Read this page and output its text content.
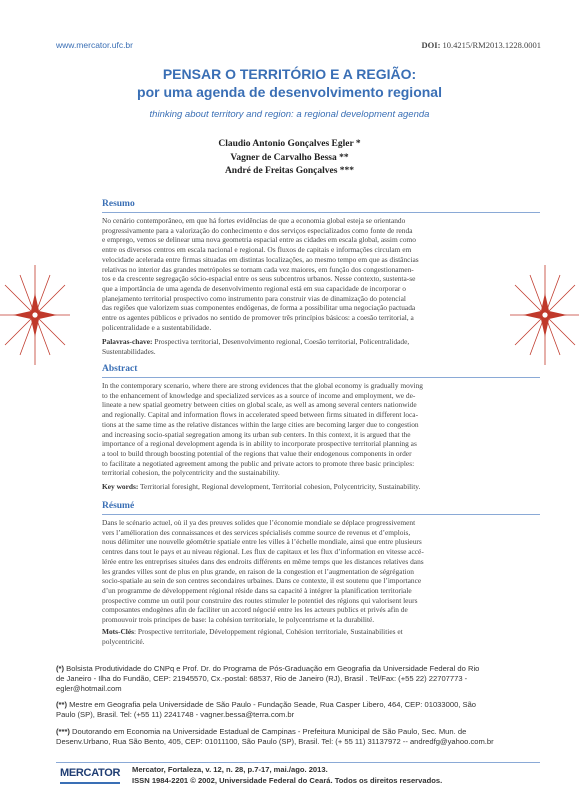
www.mercator.ufc.br	DOI: 10.4215/RM2013.1228.0001
PENSAR O TERRITÓRIO E A REGIÃO:
por uma agenda de desenvolvimento regional
thinking about territory and region: a regional development agenda
Claudio Antonio Gonçalves Egler *
Vagner de Carvalho Bessa **
André de Freitas Gonçalves ***
Resumo
No cenário contemporâneo, em que há fortes evidências de que a economia global esteja se orientando
progressivamente para a valorização do conhecimento e dos serviços especializados como fonte de renda
e emprego, vemos se delinear uma nova geometria espacial entre as cidades em escala global, assim como
entre os diversos centros em escala nacional e regional. Os fluxos de capitais e informações circulam em
velocidade acelerada entre firmas situadas em distintas localizações, ao mesmo tempo em que as distâncias
relativas no interior das grandes metrópoles se tornam cada vez maiores, em função dos congestionamen-
tos e da crescente segregação sócio-espacial entre os seus subcentros urbanos. Nesse contexto, sustenta-se
que a importância de uma agenda de desenvolvimento regional está em sua capacidade de incorporar o
planejamento territorial prospectivo como instrumento para construir vias de dinamização do potencial
das regiões que valorizem suas componentes endógenas, de forma a possibilitar uma negociação pactuada
entre os agentes públicos e privados no sentido de promover três princípios básicos: a coesão territorial, a
policentralidade e a sustentabilidade.
Palavras-chave: Prospectiva territorial, Desenvolvimento regional, Coesão territorial, Policentralidade,
Sustentabilidades.
Abstract
In the contemporary scenario, where there are strong evidences that the global economy is gradually moving
to the enhancement of knowledge and specialized services as a source of income and employment, we de-
lineate a new spatial geometry between cities on global scale, as well as among several centers nationwide
and regionally. Capital and information flows in accelerated speed between firms situated in different loca-
tions at the same time as the relative distances within the large cities are becoming larger due to congestion
and increasing socio-spatial segregation among its urban sub centers. In this context, it is argued that the
importance of a regional development agenda is in ability to incorporate prospective territorial planning as
a tool to build through boosting potential of the regions that value their endogenous components in order
to facilitate a negotiated agreement among the public and private actors to promote three basic principles:
territorial cohesion, the polycentricity and the sustainability.
Key words: Territorial foresight, Regional development, Territorial cohesion, Polycentricity, Sustainability.
Résumé
Dans le scénario actuel, où il ya des preuves solides que l’économie mondiale se déplace progressivement
vers l’amélioration des connaissances et des services spécialisés comme source de revenus et d’emplois,
nous délimiter une nouvelle géométrie spatiale entre les villes à l’échelle mondiale, ainsi que entre plusieurs
centres dans tout le pays et au niveau régional. Les flux de capitaux et les flux d’information en vitesse accé-
lérée entre les entreprises situées dans des endroits différents en même temps que les distances relatives dans
les grandes villes sont de plus en plus grande, en raison de la congestion et l’augmentation de ségrégation
socio-spatiale au sein de son centres secondaires urbaines. Dans ce contexte, il est soutenu que l’importance
d’un programme de développement régional réside dans sa capacité à intégrer la planification territoriale
prospective comme un outil pour construire des routes stimuler le potentiel des régions qui valorisent leurs
composantes endogènes afin de faciliter un accord négocié entre les les acteurs publics et privés afin de
promouvoir trois principes de base: la cohésion territoriale, le polycentrisme et la durabilité.
Mots-Clés: Prospective territoriale, Développement régional, Cohésion territoriale, Sustainabilities et
polycentricité.
(*) Bolsista Produtividade do CNPq e Prof. Dr. do Programa de Pós-Graduação em Geografia da Universidade Federal do Rio
de Janeiro - Ilha do Fundão, CEP: 21945570, Cx.-postal: 68537, Rio de Janeiro (RJ), Brasil . Tel/Fax: (+55 22) 22707773 -
egler@hotmail.com
(**) Mestre em Geografia pela Universidade de São Paulo - Fundação Seade, Rua Casper Libero, 464, CEP: 01033000, São
Paulo (SP), Brasil. Tel: (+55 11) 2241748 - vagner.bessa@terra.com.br
(***) Doutorando em Economia na Universidade Estadual de Campinas - Prefeitura Municipal de São Paulo, Sec. Mun. de
Desenv.Urbano, Rua São Bento, 405, CEP: 01011100, São Paulo (SP), Brasil. Tel: (+ 55 11) 31137972 -- andredfg@yahoo.com.br
MERCATOR Mercator, Fortaleza, v. 12, n. 28, p.7-17, mai./ago. 2013.
ISSN 1984-2201 © 2002, Universidade Federal do Ceará. Todos os direitos reservados.
